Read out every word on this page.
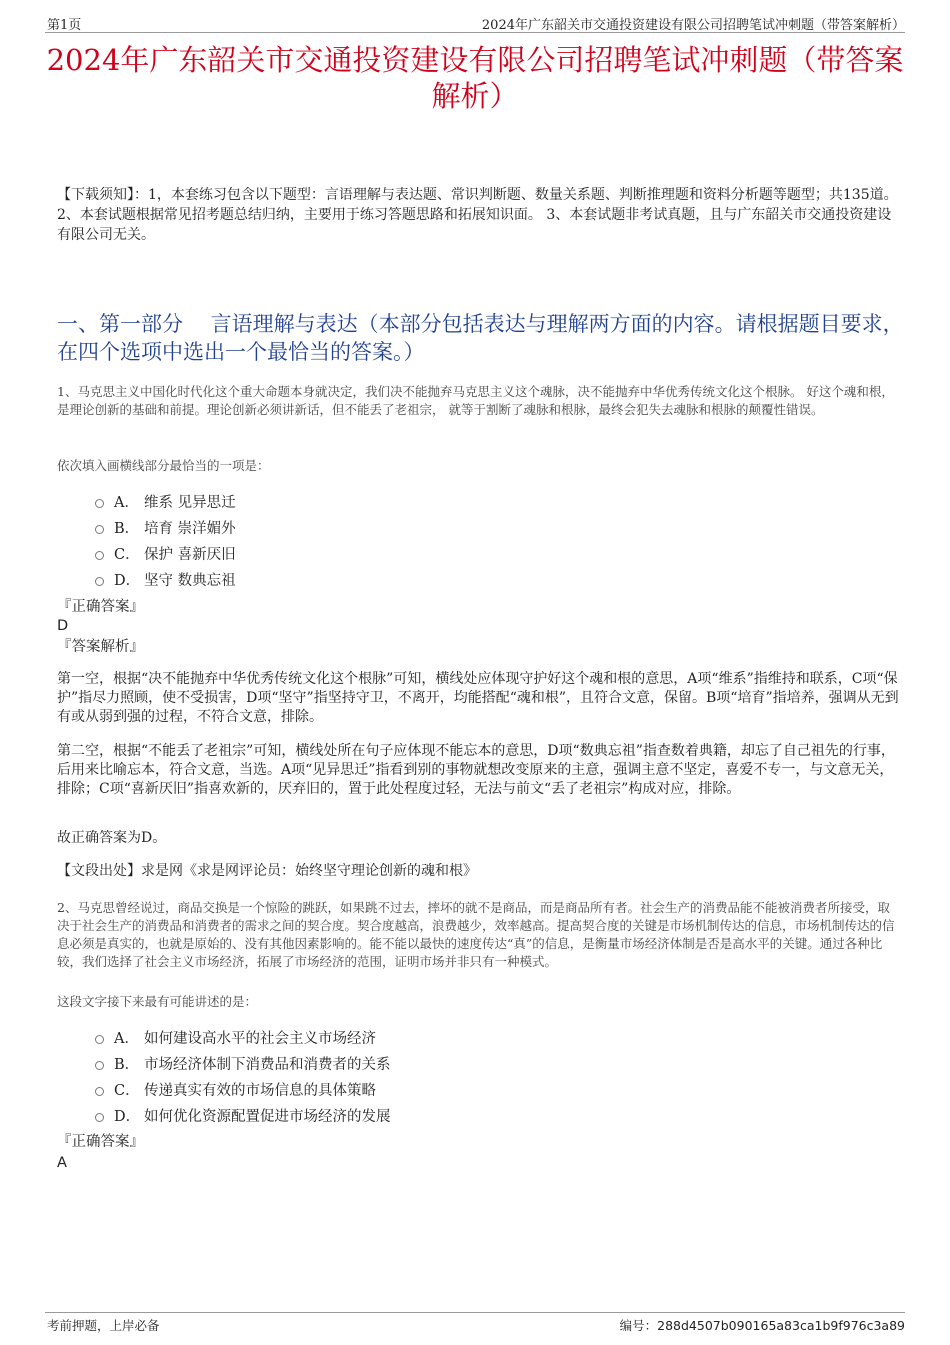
第1页	2024年广东韶关市交通投资建设有限公司招聘笔试冲刺题（带答案解析）
2024年广东韶关市交通投资建设有限公司招聘笔试冲刺题（带答案解析）
【下载须知】：1，本套练习包含以下题型：言语理解与表达题、常识判断题、数量关系题、判断推理题和资料分析题等题型；共135道。 2、本套试题根据常见招考题总结归纳，主要用于练习答题思路和拓展知识面。 3、本套试题非考试真题，且与广东韶关市交通投资建设有限公司无关。
一、第一部分　 言语理解与表达（本部分包括表达与理解两方面的内容。请根据题目要求，在四个选项中选出一个最恰当的答案。）
1、马克思主义中国化时代化这个重大命题本身就决定，我们决不能抛弃马克思主义这个魂脉，决不能抛弃中华优秀传统文化这个根脉。 好这个魂和根，是理论创新的基础和前提。理论创新必须讲新话，但不能丢了老祖宗， 就等于割断了魂脉和根脉，最终会犯失去魂脉和根脉的颠覆性错误。
依次填入画横线部分最恰当的一项是：
A． 维系 见异思迁
B． 培育 崇洋媚外
C． 保护 喜新厌旧
D． 坚守 数典忘祖
『正确答案』
D
『答案解析』
第一空，根据“决不能抛弃中华优秀传统文化这个根脉”可知，横线处应体现守护好这个魂和根的意思，A项“维系”指维持和联系，C项“保护”指尽力照顾，使不受损害，D项“坚守”指坚持守卫，不离开，均能搭配“魂和根”，且符合文意，保留。B项“培育”指培养，强调从无到有或从弱到强的过程，不符合文意，排除。
第二空，根据“不能丢了老祖宗”可知，横线处所在句子应体现不能忘本的意思，D项“数典忘祖”指查数着典籍，却忘了自己祖先的行事，后用来比喻忘本，符合文意，当选。A项“见异思迁”指看到别的事物就想改变原来的主意，强调主意不坚定，喜爱不专一，与文意无关，排除；C项“喜新厌旧”指喜欢新的，厌弃旧的，置于此处程度过轻，无法与前文“丢了老祖宗”构成对应，排除。
故正确答案为D。
【文段出处】求是网《求是网评论员：始终坚守理论创新的魂和根》
2、马克思曾经说过，商品交换是一个惊险的跳跃，如果跳不过去，摔坏的就不是商品，而是商品所有者。社会生产的消费品能不能被消费者所接受，取决于社会生产的消费品和消费者的需求之间的契合度。契合度越高，浪费越少，效率越高。提高契合度的关键是市场机制传达的信息，市场机制传达的信息必须是真实的，也就是原始的、没有其他因素影响的。能不能以最快的速度传达“真”的信息，是衡量市场经济体制是否是高水平的关键。通过各种比较，我们选择了社会主义市场经济，拓展了市场经济的范围，证明市场并非只有一种模式。
这段文字接下来最有可能讲述的是：
A． 如何建设高水平的社会主义市场经济
B． 市场经济体制下消费品和消费者的关系
C． 传递真实有效的市场信息的具体策略
D． 如何优化资源配置促进市场经济的发展
『正确答案』
A
考前押题，上岸必备	编号：288d4507b090165a83ca1b9f976c3a89
